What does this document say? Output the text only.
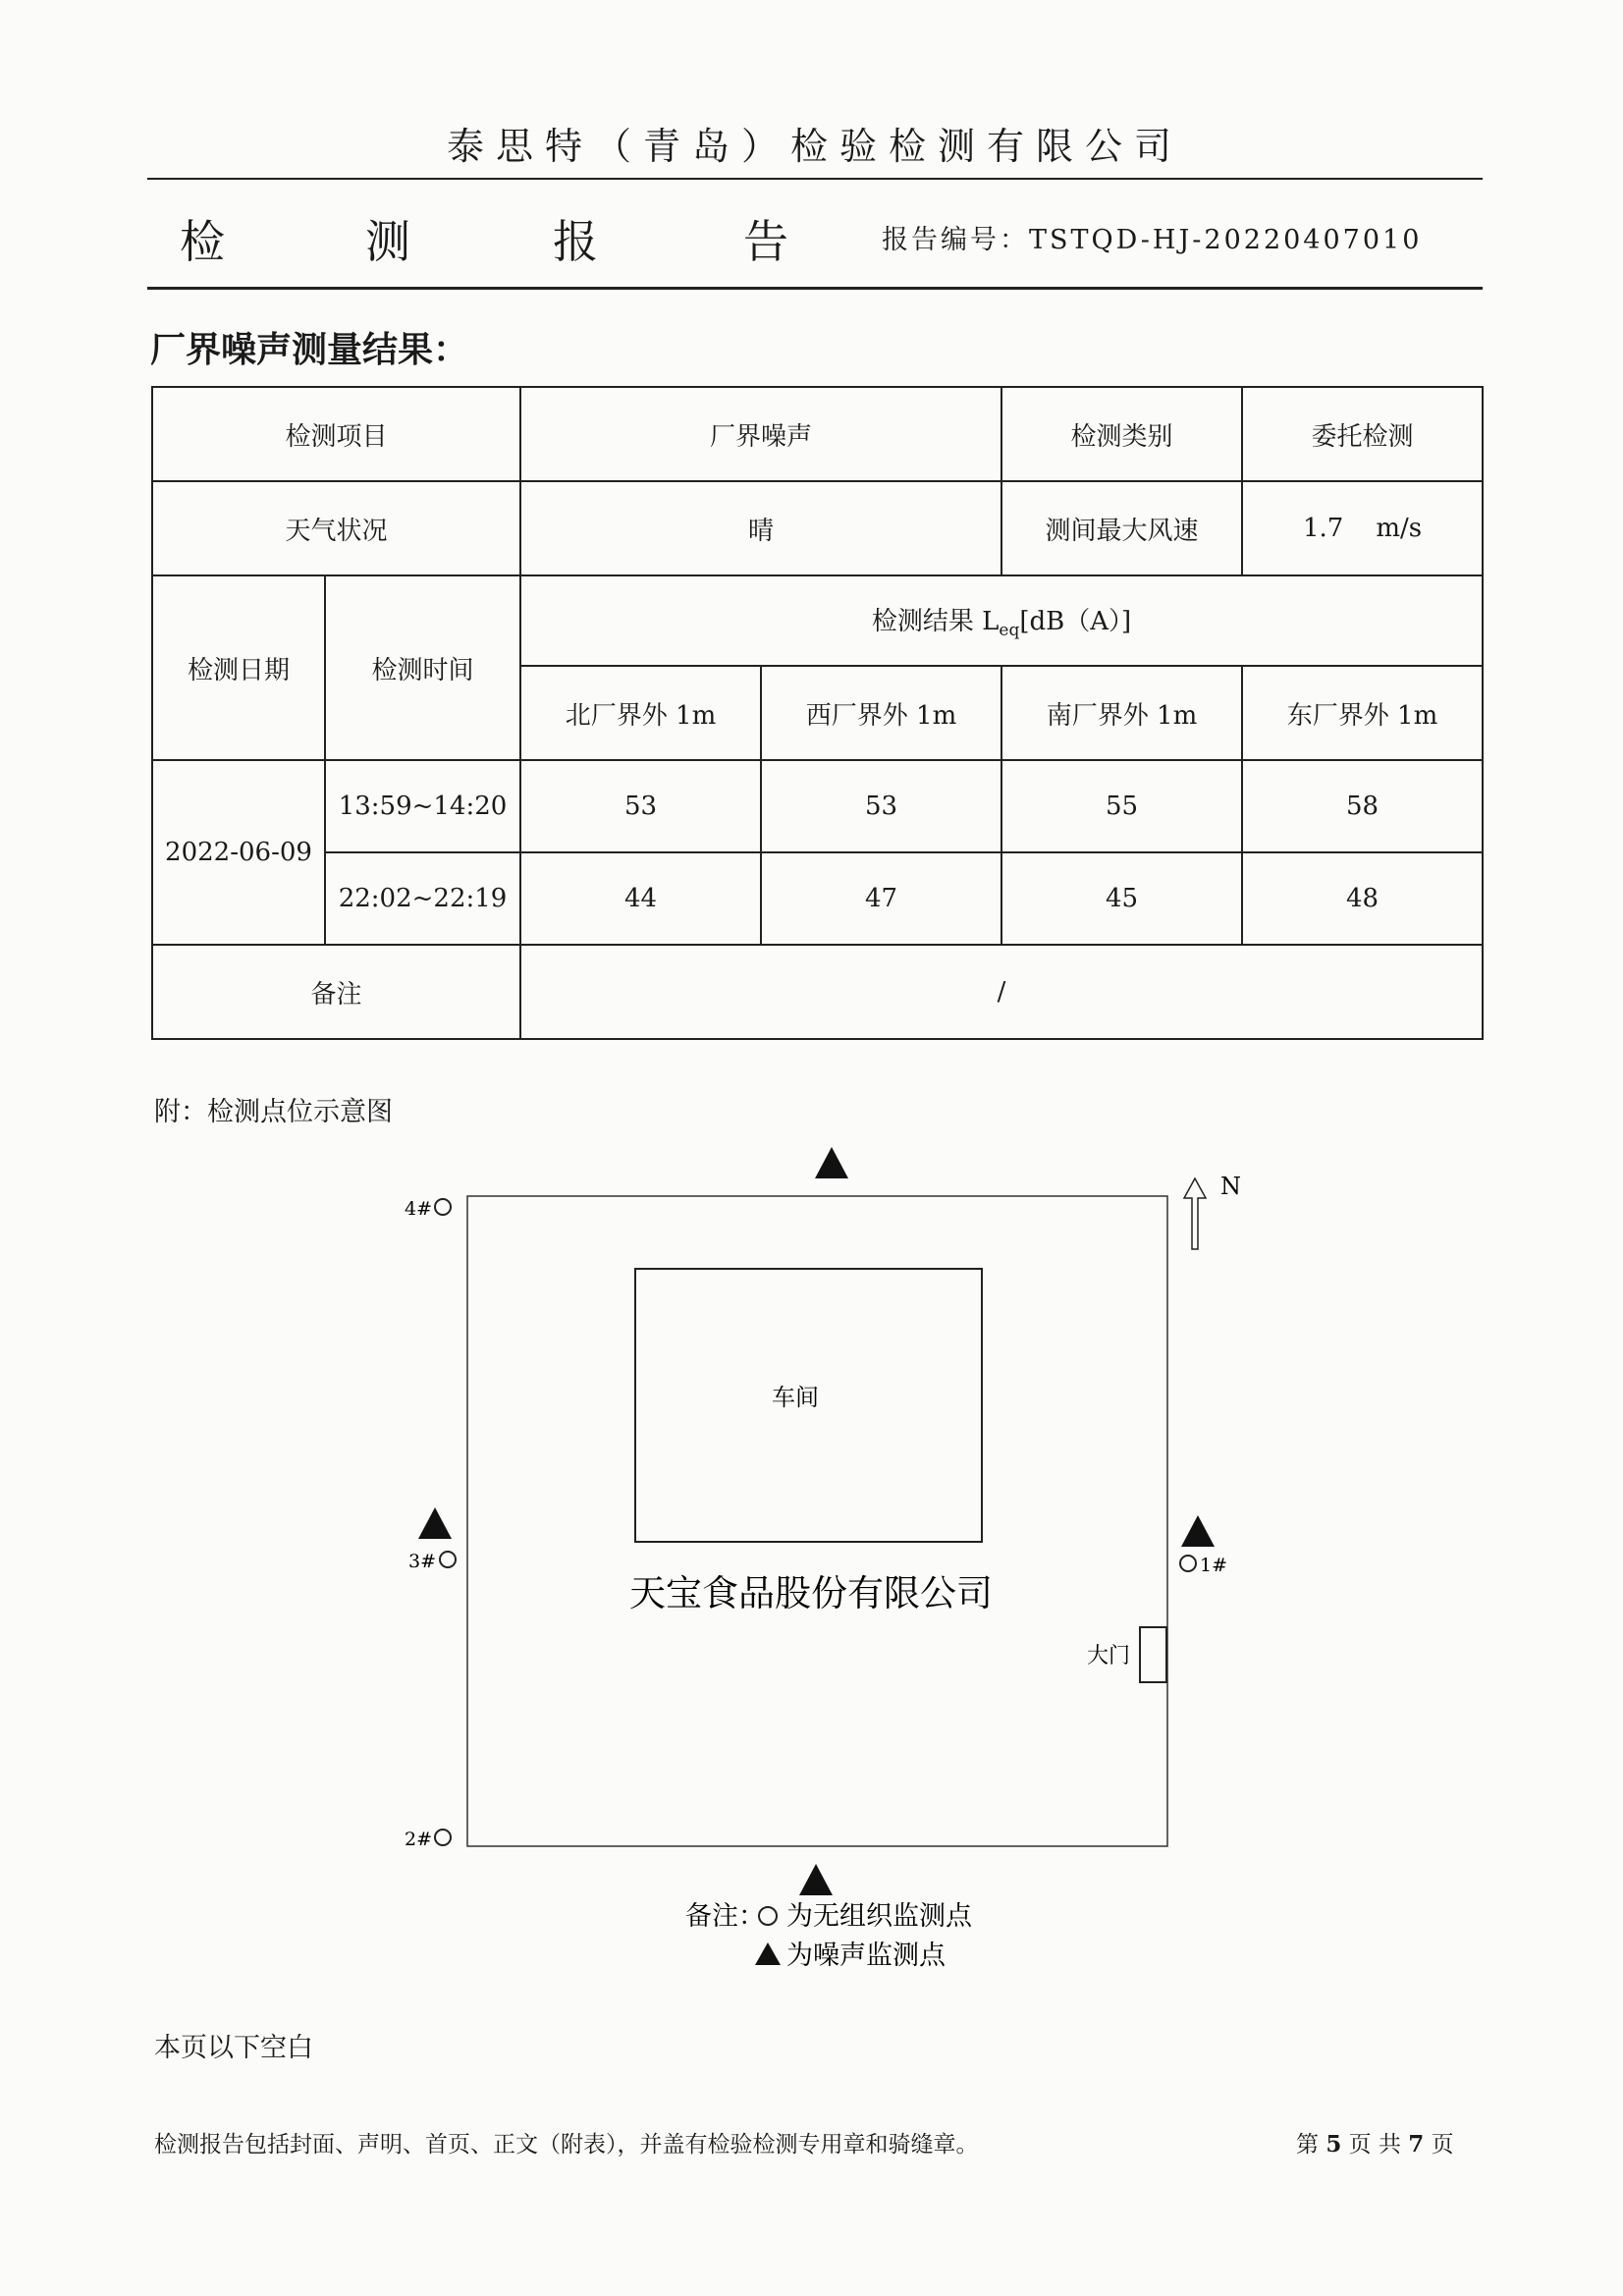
泰思特（青岛）检验检测有限公司
检	测	报	告	报告编号：TSTQD-HJ-20220407010
厂界噪声测量结果：
检测项目		厂界噪声		检测类别	委托检测
天气状况		晴		测间最大风速	1.7 m/s
检测日期	检测时间	检测结果 $L_{eq}[dB(A)]$			
		北厂界外 1m	西厂界外 1m	南厂界外 1m	东厂界外 1m
2022-06-09	13:59~14:20	53	53	55	58
	22:02~22:19	44	47	45	48
备注		/			
附：检测点位示意图
车间
天宝食品股份有限公司
大门
4#
3#
2#
1#
N
备注： 为无组织监测点
为噪声监测点
本页以下空白
检测报告包括封面、声明、首页、正文（附表），并盖有检验检测专用章和骑缝章。	第 5 页 共 7 页
